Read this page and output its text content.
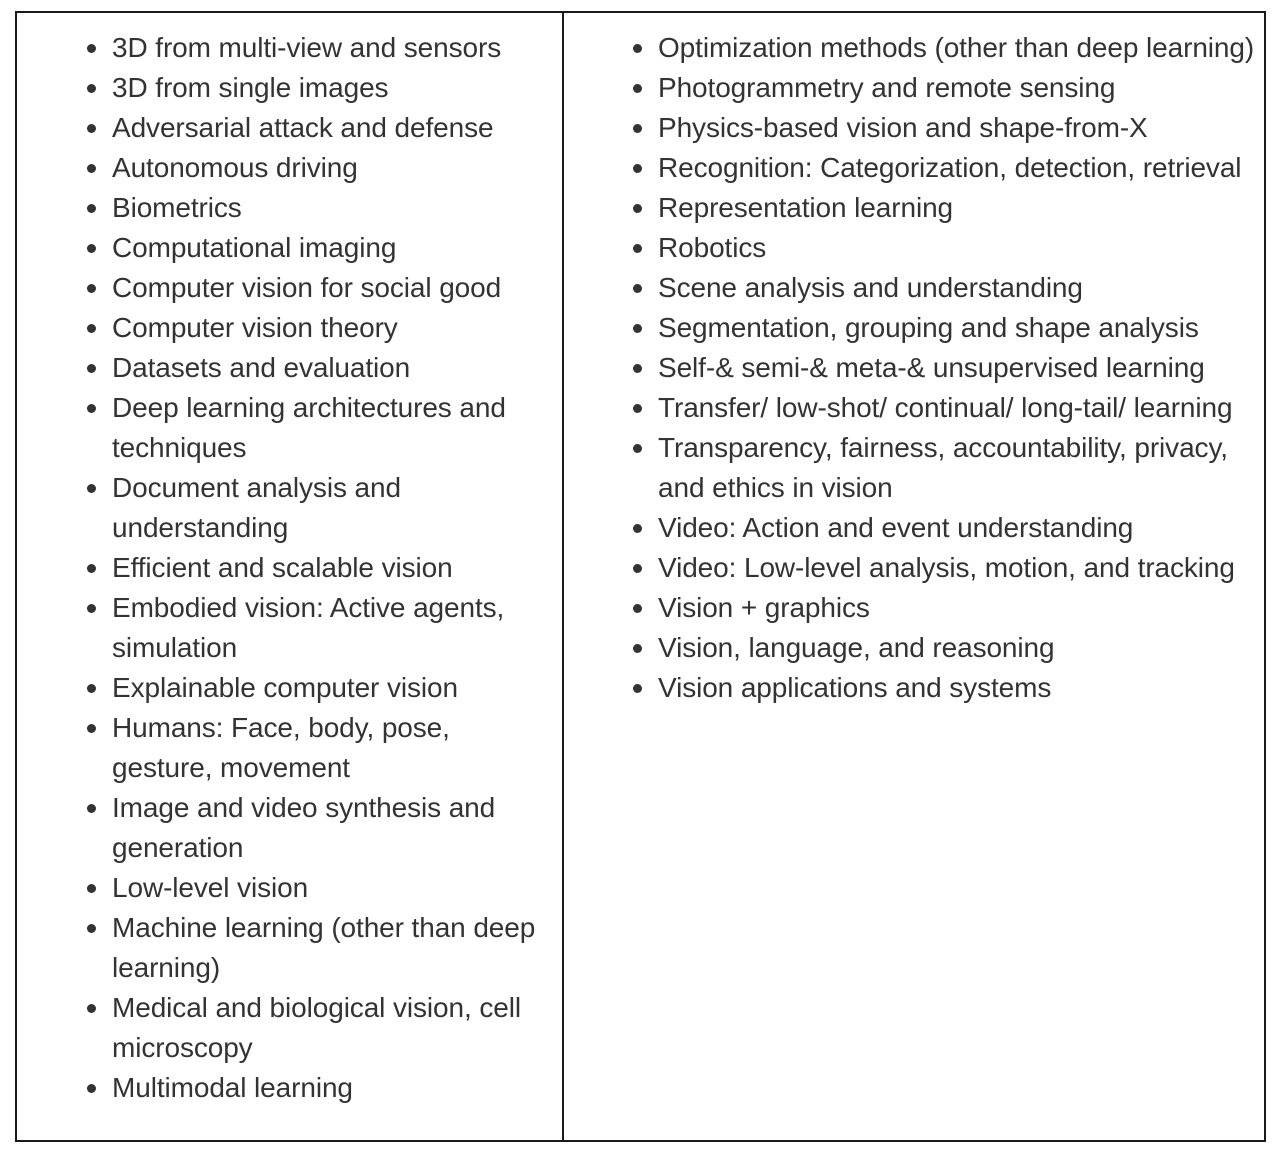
3D from multi-view and sensors
3D from single images
Adversarial attack and defense
Autonomous driving
Biometrics
Computational imaging
Computer vision for social good
Computer vision theory
Datasets and evaluation
Deep learning architectures and techniques
Document analysis and understanding
Efficient and scalable vision
Embodied vision: Active agents, simulation
Explainable computer vision
Humans: Face, body, pose, gesture, movement
Image and video synthesis and generation
Low-level vision
Machine learning (other than deep learning)
Medical and biological vision, cell microscopy
Multimodal learning

Optimization methods (other than deep learning)
Photogrammetry and remote sensing
Physics-based vision and shape-from-X
Recognition: Categorization, detection, retrieval
Representation learning
Robotics
Scene analysis and understanding
Segmentation, grouping and shape analysis
Self-& semi-& meta-& unsupervised learning
Transfer/ low-shot/ continual/ long-tail/ learning
Transparency, fairness, accountability, privacy, and ethics in vision
Video: Action and event understanding
Video: Low-level analysis, motion, and tracking
Vision + graphics
Vision, language, and reasoning
Vision applications and systems
